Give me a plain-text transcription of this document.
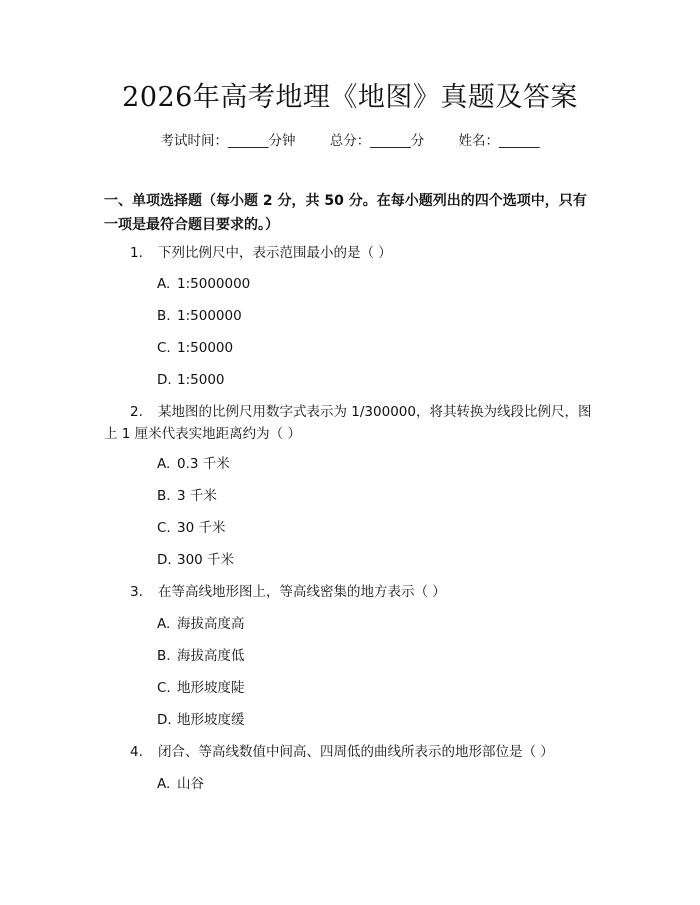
2026年高考地理《地图》真题及答案
考试时间：______分钟	总分：______分	姓名：______
一、单项选择题（每小题 2 分，共 50 分。在每小题列出的四个选项中，只有一项是最符合题目要求的。）
1. 下列比例尺中，表示范围最小的是（ ）
A. 1:5000000
B. 1:500000
C. 1:50000
D. 1:5000
2. 某地图的比例尺用数字式表示为 1/300000，将其转换为线段比例尺，图
上 1 厘米代表实地距离约为（ ）
A. 0.3 千米
B. 3 千米
C. 30 千米
D. 300 千米
3. 在等高线地形图上，等高线密集的地方表示（ ）
A. 海拔高度高
B. 海拔高度低
C. 地形坡度陡
D. 地形坡度缓
4. 闭合、等高线数值中间高、四周低的曲线所表示的地形部位是（ ）
A. 山谷
